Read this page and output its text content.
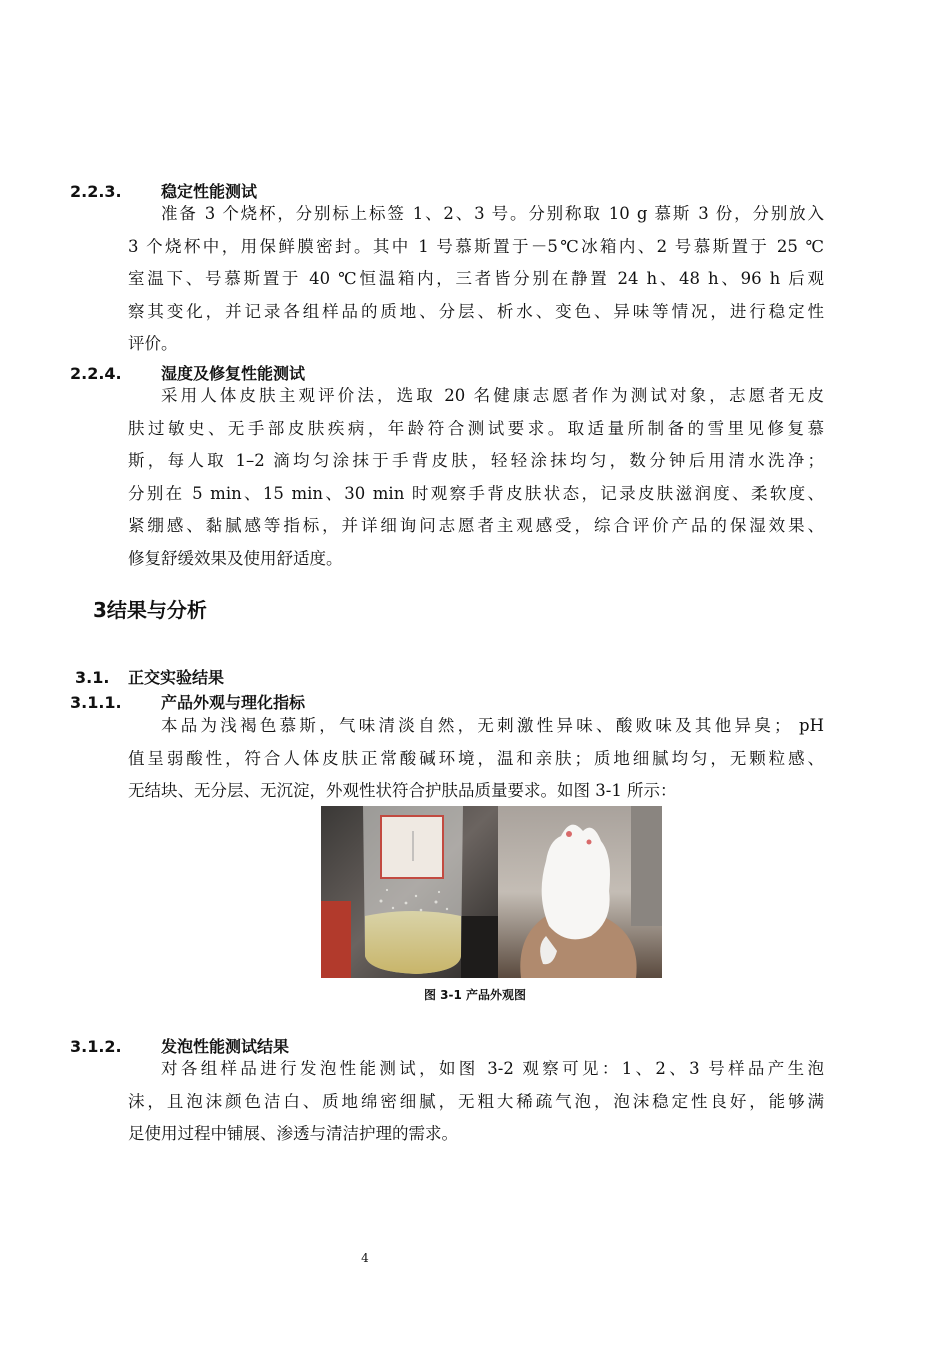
2.2.3. 稳定性能测试

准备 3 个烧杯，分别标上标签 1、2、3 号。分别称取 10 g 慕斯 3 份，分别放入
3 个烧杯中，用保鲜膜密封。其中 1 号慕斯置于－5℃冰箱内、2 号慕斯置于 25 ℃
室温下、号慕斯置于 40 ℃恒温箱内，三者皆分别在静置 24 h、48 h、96 h 后观
察其变化，并记录各组样品的质地、分层、析水、变色、异味等情况，进行稳定性
评价。

2.2.4. 湿度及修复性能测试

采用人体皮肤主观评价法，选取 20 名健康志愿者作为测试对象，志愿者无皮
肤过敏史、无手部皮肤疾病，年龄符合测试要求。取适量所制备的雪里见修复慕
斯，每人取 1–2 滴均匀涂抹于手背皮肤，轻轻涂抹均匀，数分钟后用清水洗净；
分别在 5 min、15 min、30 min 时观察手背皮肤状态，记录皮肤滋润度、柔软度、
紧绷感、黏腻感等指标，并详细询问志愿者主观感受，综合评价产品的保湿效果、
修复舒缓效果及使用舒适度。

3结果与分析
3.1. 正交实验结果
3.1.1. 产品外观与理化指标

本品为浅褐色慕斯，气味清淡自然，无刺激性异味、酸败味及其他异臭； pH
值呈弱酸性，符合人体皮肤正常酸碱环境，温和亲肤；质地细腻均匀，无颗粒感、
无结块、无分层、无沉淀，外观性状符合护肤品质量要求。如图 3-1 所示：

图 3-1 产品外观图
3.1.2. 发泡性能测试结果

对各组样品进行发泡性能测试，如图 3-2 观察可见：1、2、3 号样品产生泡
沫，且泡沫颜色洁白、质地绵密细腻，无粗大稀疏气泡，泡沫稳定性良好，能够满
足使用过程中铺展、渗透与清洁护理的需求。

4
